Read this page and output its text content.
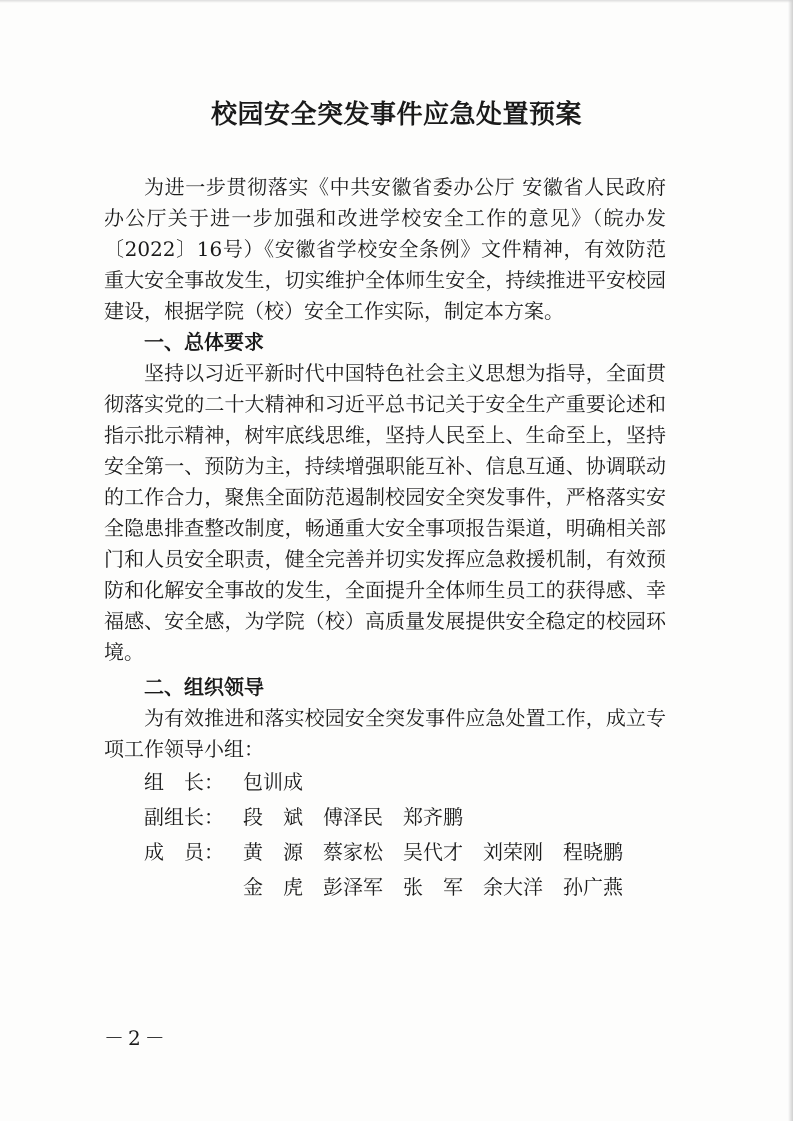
校园安全突发事件应急处置预案

为进一步贯彻落实《中共安徽省委办公厅 安徽省人民政府办公厅关于进一步加强和改进学校安全工作的意见》（皖办发〔2022〕16号）《安徽省学校安全条例》文件精神，有效防范重大安全事故发生，切实维护全体师生安全，持续推进平安校园建设，根据学院（校）安全工作实际，制定本方案。

一、总体要求

坚持以习近平新时代中国特色社会主义思想为指导，全面贯彻落实党的二十大精神和习近平总书记关于安全生产重要论述和指示批示精神，树牢底线思维，坚持人民至上、生命至上，坚持安全第一、预防为主，持续增强职能互补、信息互通、协调联动的工作合力，聚焦全面防范遏制校园安全突发事件，严格落实安全隐患排查整改制度，畅通重大安全事项报告渠道，明确相关部门和人员安全职责，健全完善并切实发挥应急救援机制，有效预防和化解安全事故的发生，全面提升全体师生员工的获得感、幸福感、安全感，为学院（校）高质量发展提供安全稳定的校园环境。

二、组织领导

为有效推进和落实校园安全突发事件应急处置工作，成立专项工作领导小组：

组　长： 包训成
副组长： 段　斌 傅泽民 郑齐鹏
成　员： 黄　源 蔡家松 吴代才 刘荣刚 程晓鹏
金　虎 彭泽军 张　军 余大洋 孙广燕
－2－
